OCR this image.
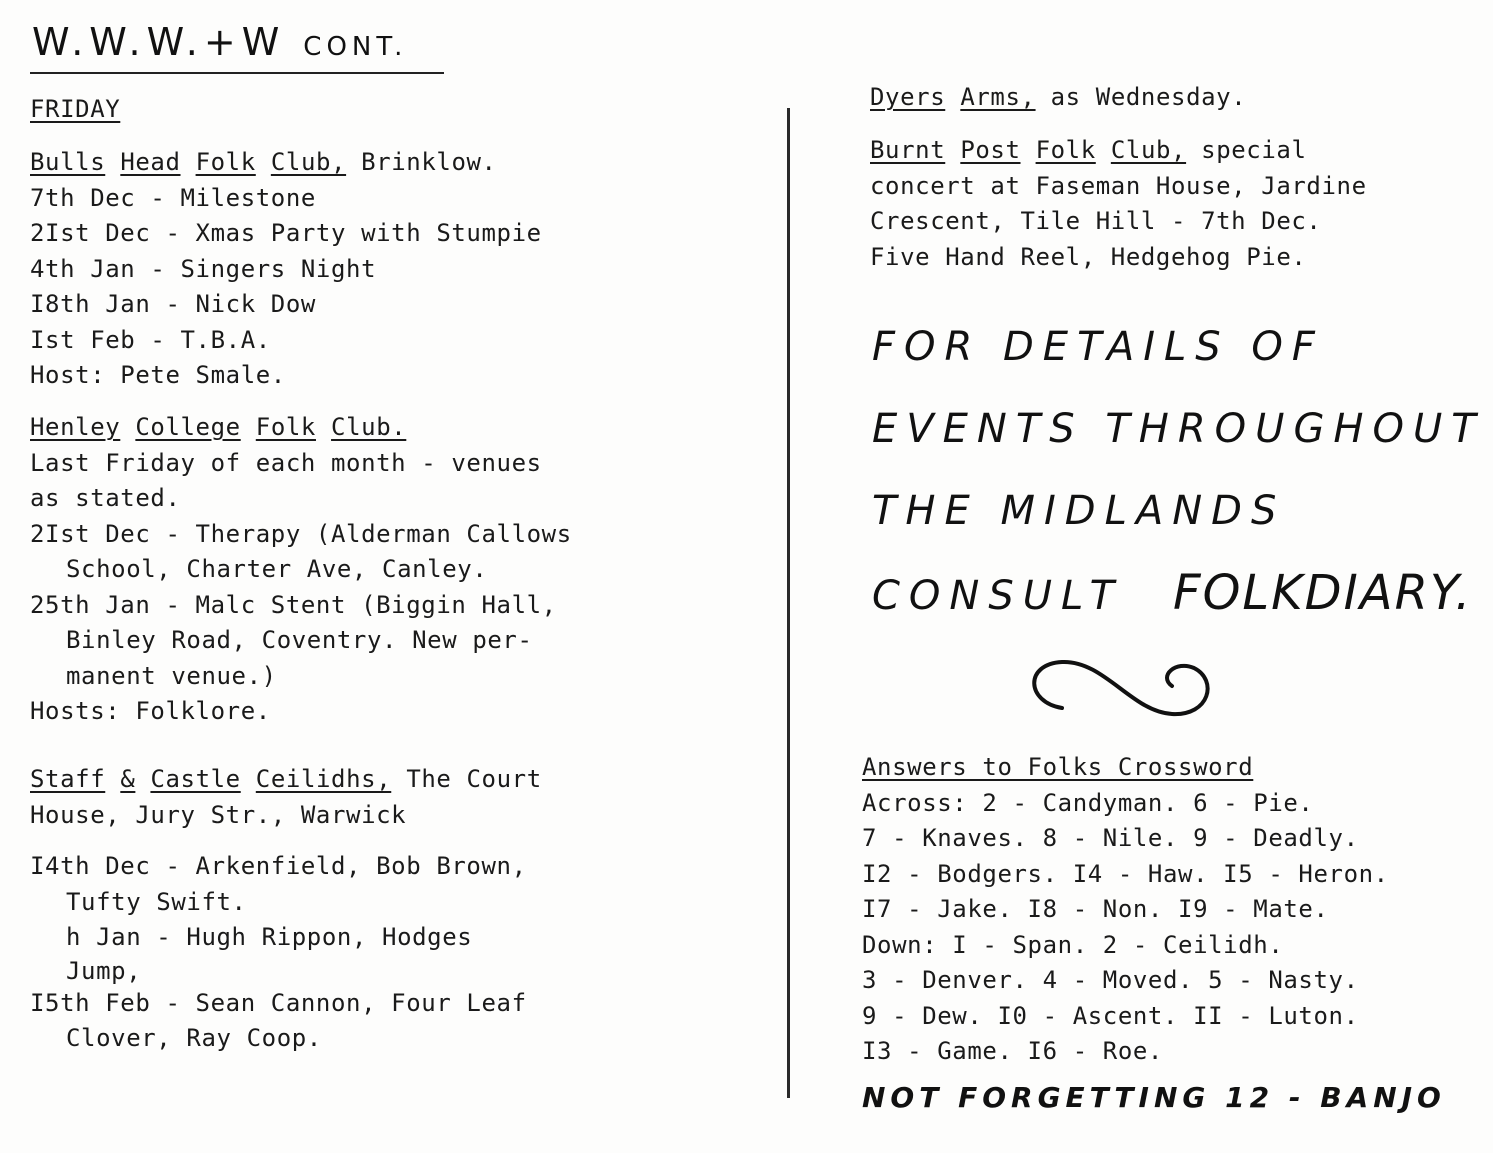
W.W.W.+W CONT.
FRIDAY
Bulls Head Folk Club, Brinklow.
7th Dec - Milestone
2Ist Dec - Xmas Party with Stumpie
4th Jan - Singers Night
I8th Jan - Nick Dow
Ist Feb - T.B.A.
Host: Pete Smale.
Henley College Folk Club.
Last Friday of each month - venues
as stated.
2Ist Dec - Therapy (Alderman Callows
School, Charter Ave, Canley.
25th Jan - Malc Stent (Biggin Hall,
Binley Road, Coventry. New per-
manent venue.)
Hosts: Folklore.
Staff & Castle Ceilidhs, The Court
House, Jury Str., Warwick
I4th Dec - Arkenfield, Bob Brown,
Tufty Swift.
h Jan - Hugh Rippon, Hodges
Jump,
I5th Feb - Sean Cannon, Four Leaf
Clover, Ray Coop.
Dyers Arms, as Wednesday.
Burnt Post Folk Club, special
concert at Faseman House, Jardine
Crescent, Tile Hill - 7th Dec.
Five Hand Reel, Hedgehog Pie.
FOR DETAILS OF
EVENTS THROUGHOUT
THE MIDLANDS
CONSULT FOLKDIARY.
Answers to Folks Crossword
Across: 2 - Candyman. 6 - Pie.
7 - Knaves. 8 - Nile. 9 - Deadly.
I2 - Bodgers. I4 - Haw. I5 - Heron.
I7 - Jake. I8 - Non. I9 - Mate.
Down: I - Span. 2 - Ceilidh.
3 - Denver. 4 - Moved. 5 - Nasty.
9 - Dew. I0 - Ascent. II - Luton.
I3 - Game. I6 - Roe.
NOT FORGETTING 12 - BANJO
